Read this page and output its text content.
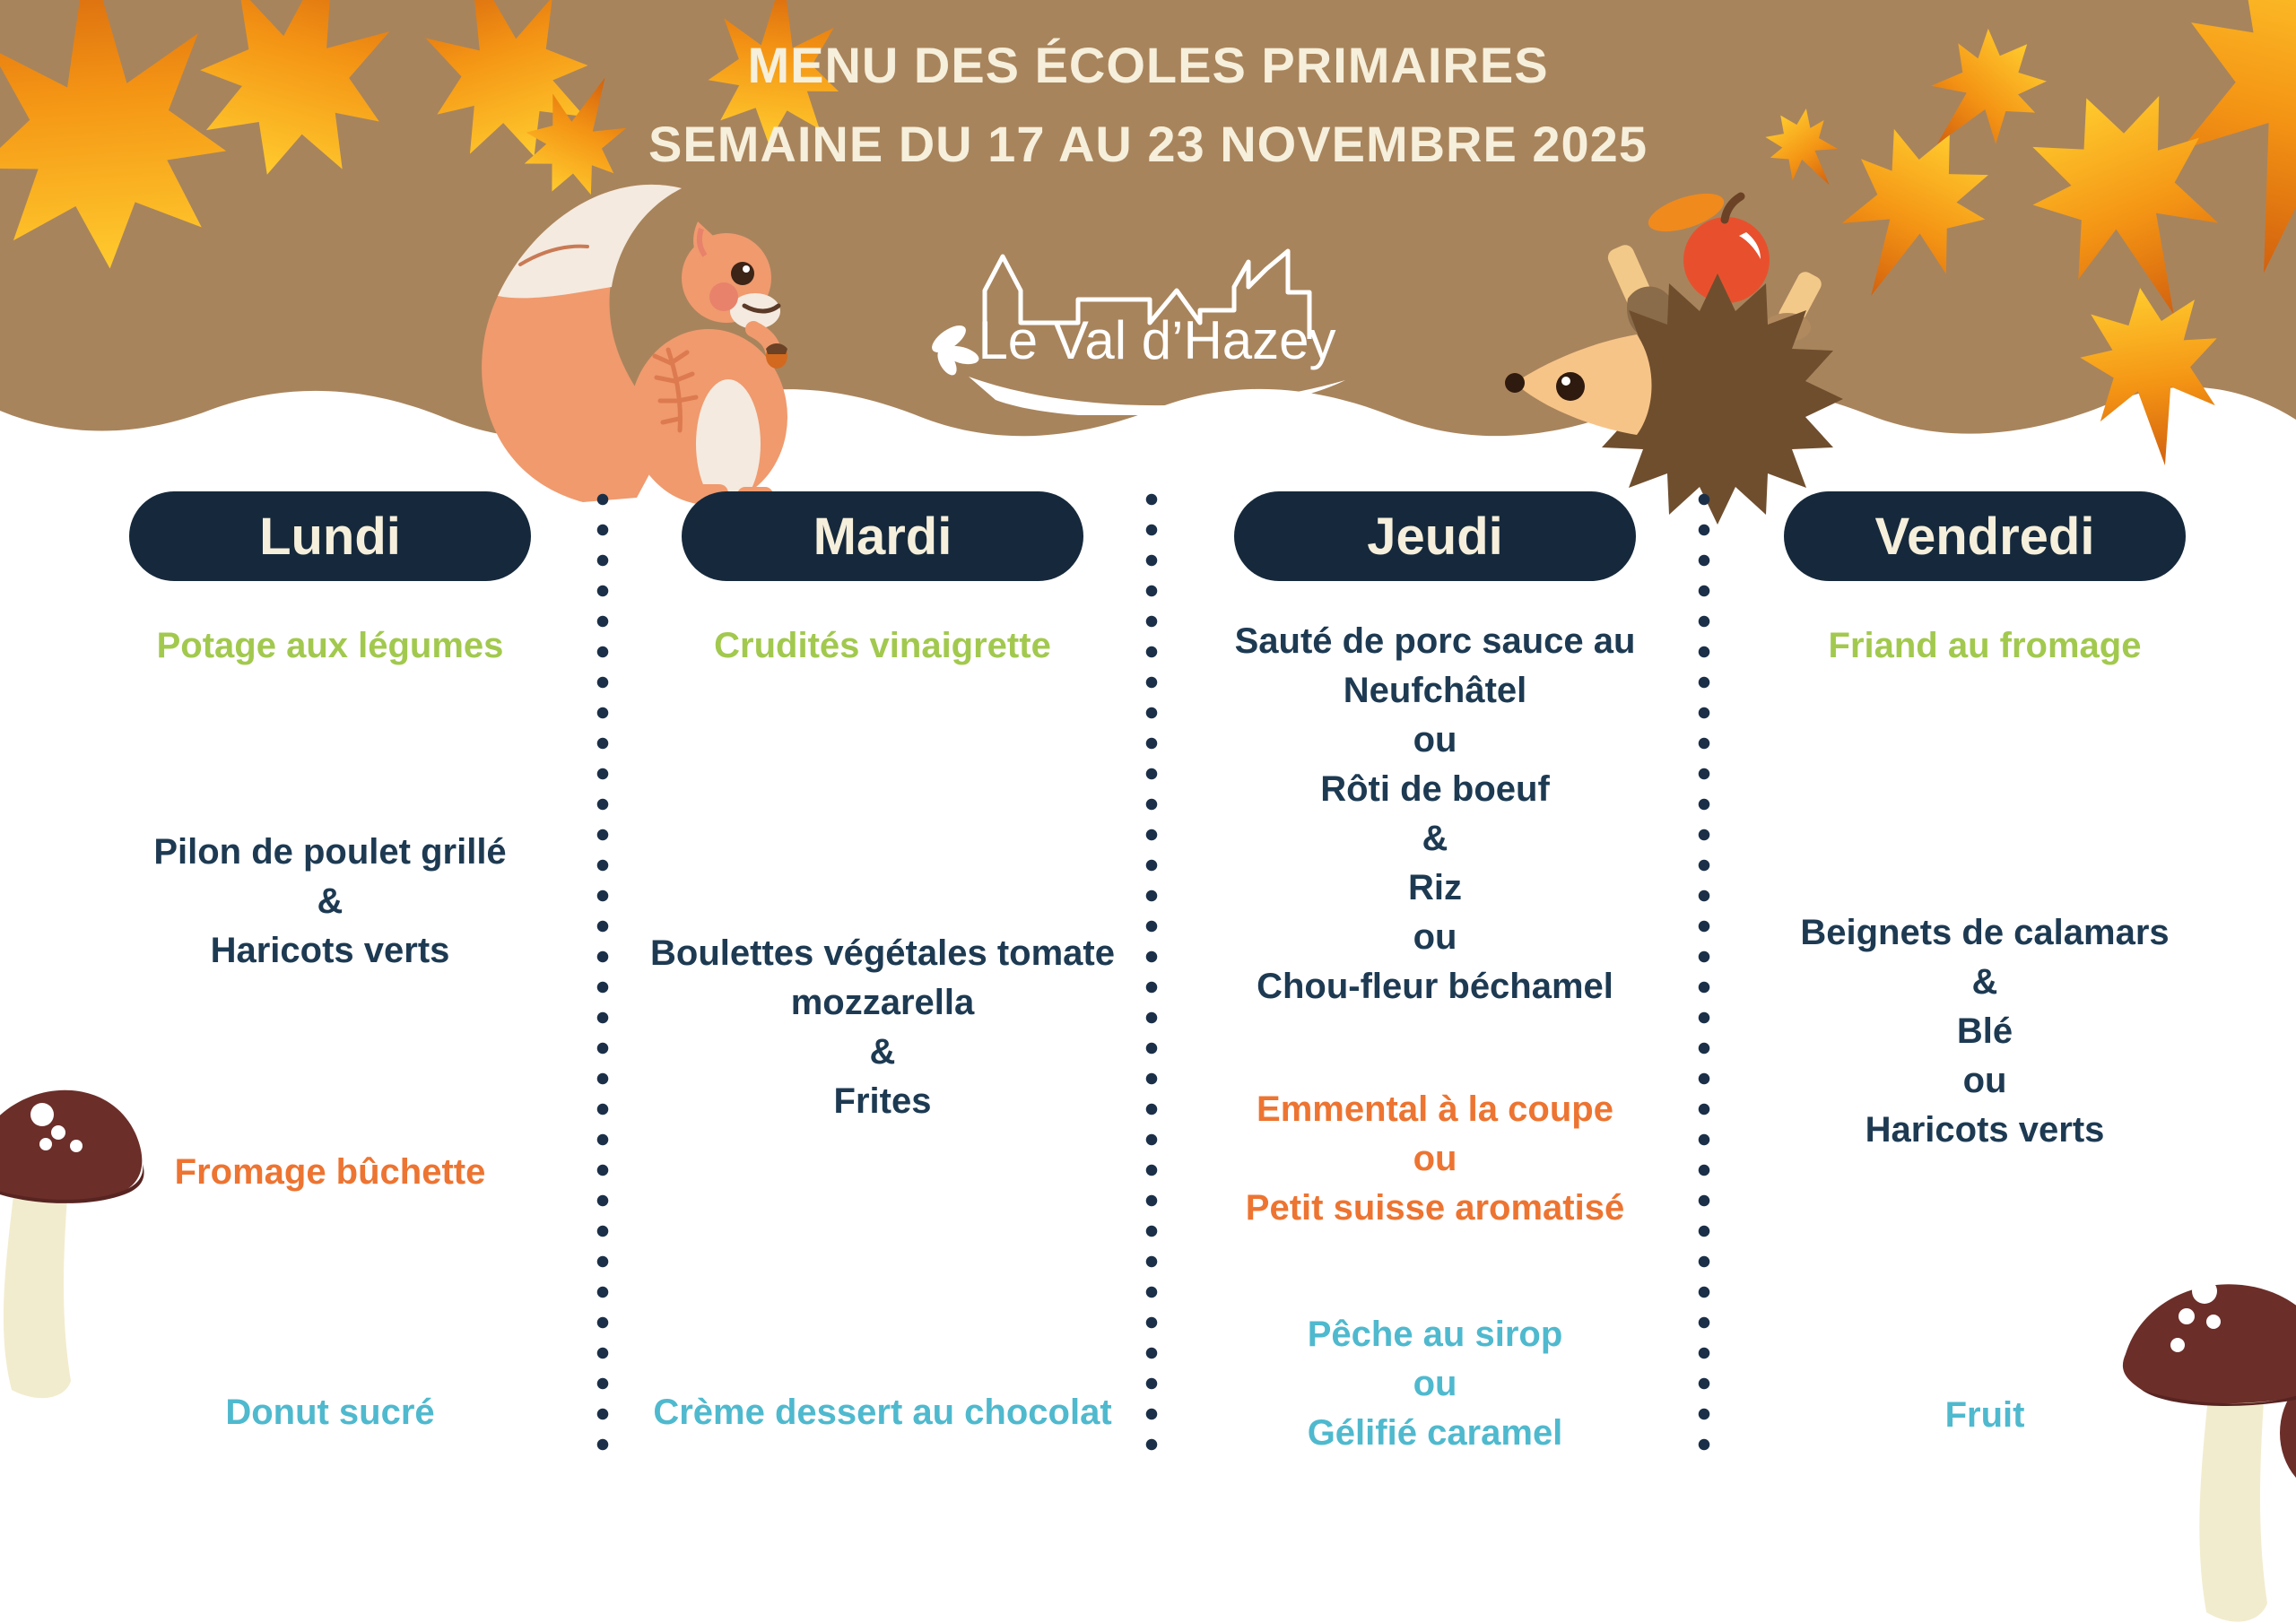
MENU DES ÉCOLES PRIMAIRES
SEMAINE DU 17 AU 23 NOVEMBRE 2025
Le Val d’Hazey
Lundi
Potage aux légumes
Pilon de poulet grillé
&
Haricots verts
Fromage bûchette
Donut sucré
Mardi
Crudités vinaigrette
Boulettes végétales tomate
mozzarella
&
Frites
Crème dessert au chocolat
Jeudi
Sauté de porc sauce au
Neufchâtel
ou
Rôti de boeuf
&
Riz
ou
Chou-fleur béchamel
Emmental à la coupe
ou
Petit suisse aromatisé
Pêche au sirop
ou
Gélifié caramel
Vendredi
Friand au fromage
Beignets de calamars
&
Blé
ou
Haricots verts
Fruit
